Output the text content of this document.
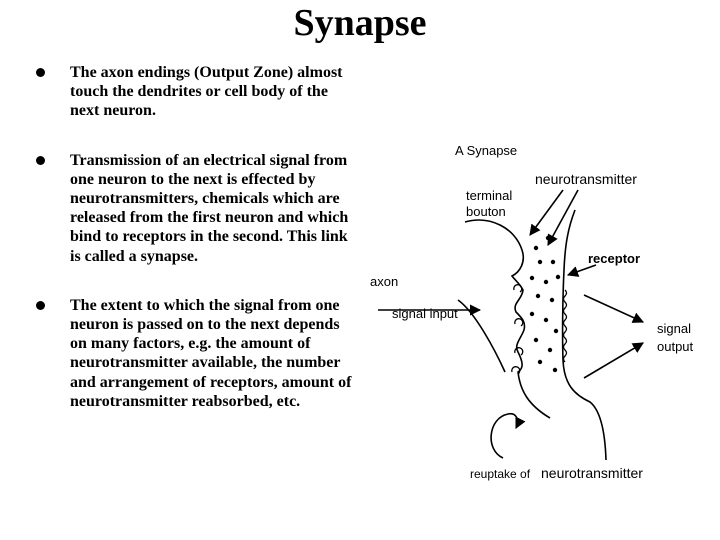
Synapse
The axon endings (Output Zone) almost touch the dendrites or cell body of the next neuron.
Transmission of an electrical signal from one neuron to the next is effected by neurotransmitters, chemicals which are released from the first neuron and which bind to receptors in the second. This link is called a synapse.
The extent to which the signal from one neuron is passed on to the next depends on many factors, e.g. the amount of neurotransmitter available, the number and arrangement of receptors, amount of neurotransmitter reabsorbed, etc.
A Synapse
neurotransmitter
terminal
bouton
receptor
axon
signal input
signal
output
reuptake of neurotransmitter
